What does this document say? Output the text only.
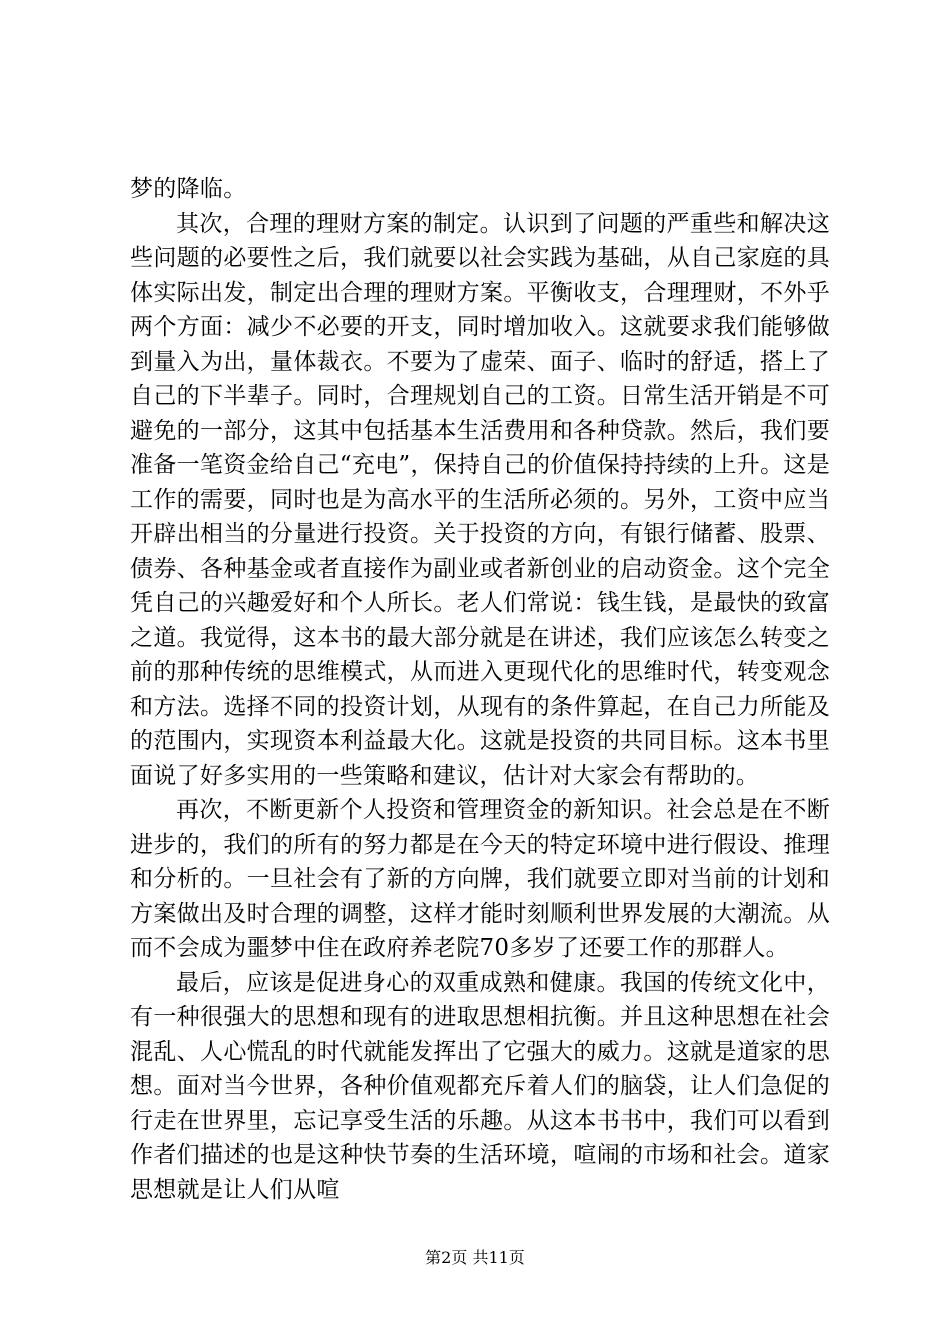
梦的降临。

其次，合理的理财方案的制定。认识到了问题的严重些和解决这些问题的必要性之后，我们就要以社会实践为基础，从自己家庭的具体实际出发，制定出合理的理财方案。平衡收支，合理理财，不外乎两个方面：减少不必要的开支，同时增加收入。这就要求我们能够做到量入为出，量体裁衣。不要为了虚荣、面子、临时的舒适，搭上了自己的下半辈子。同时，合理规划自己的工资。日常生活开销是不可避免的一部分，这其中包括基本生活费用和各种贷款。然后，我们要准备一笔资金给自己“充电”，保持自己的价值保持持续的上升。这是工作的需要，同时也是为高水平的生活所必须的。另外，工资中应当开辟出相当的分量进行投资。关于投资的方向，有银行储蓄、股票、债券、各种基金或者直接作为副业或者新创业的启动资金。这个完全凭自己的兴趣爱好和个人所长。老人们常说：钱生钱，是最快的致富之道。我觉得，这本书的最大部分就是在讲述，我们应该怎么转变之前的那种传统的思维模式，从而进入更现代化的思维时代，转变观念和方法。选择不同的投资计划，从现有的条件算起，在自己力所能及的范围内，实现资本利益最大化。这就是投资的共同目标。这本书里面说了好多实用的一些策略和建议，估计对大家会有帮助的。

再次，不断更新个人投资和管理资金的新知识。社会总是在不断进步的，我们的所有的努力都是在今天的特定环境中进行假设、推理和分析的。一旦社会有了新的方向牌，我们就要立即对当前的计划和方案做出及时合理的调整，这样才能时刻顺利世界发展的大潮流。从而不会成为噩梦中住在政府养老院70多岁了还要工作的那群人。

最后，应该是促进身心的双重成熟和健康。我国的传统文化中，有一种很强大的思想和现有的进取思想相抗衡。并且这种思想在社会混乱、人心慌乱的时代就能发挥出了它强大的威力。这就是道家的思想。面对当今世界，各种价值观都充斥着人们的脑袋，让人们急促的行走在世界里，忘记享受生活的乐趣。从这本书书中，我们可以看到作者们描述的也是这种快节奏的生活环境，喧闹的市场和社会。道家思想就是让人们从喧

第2页 共11页
